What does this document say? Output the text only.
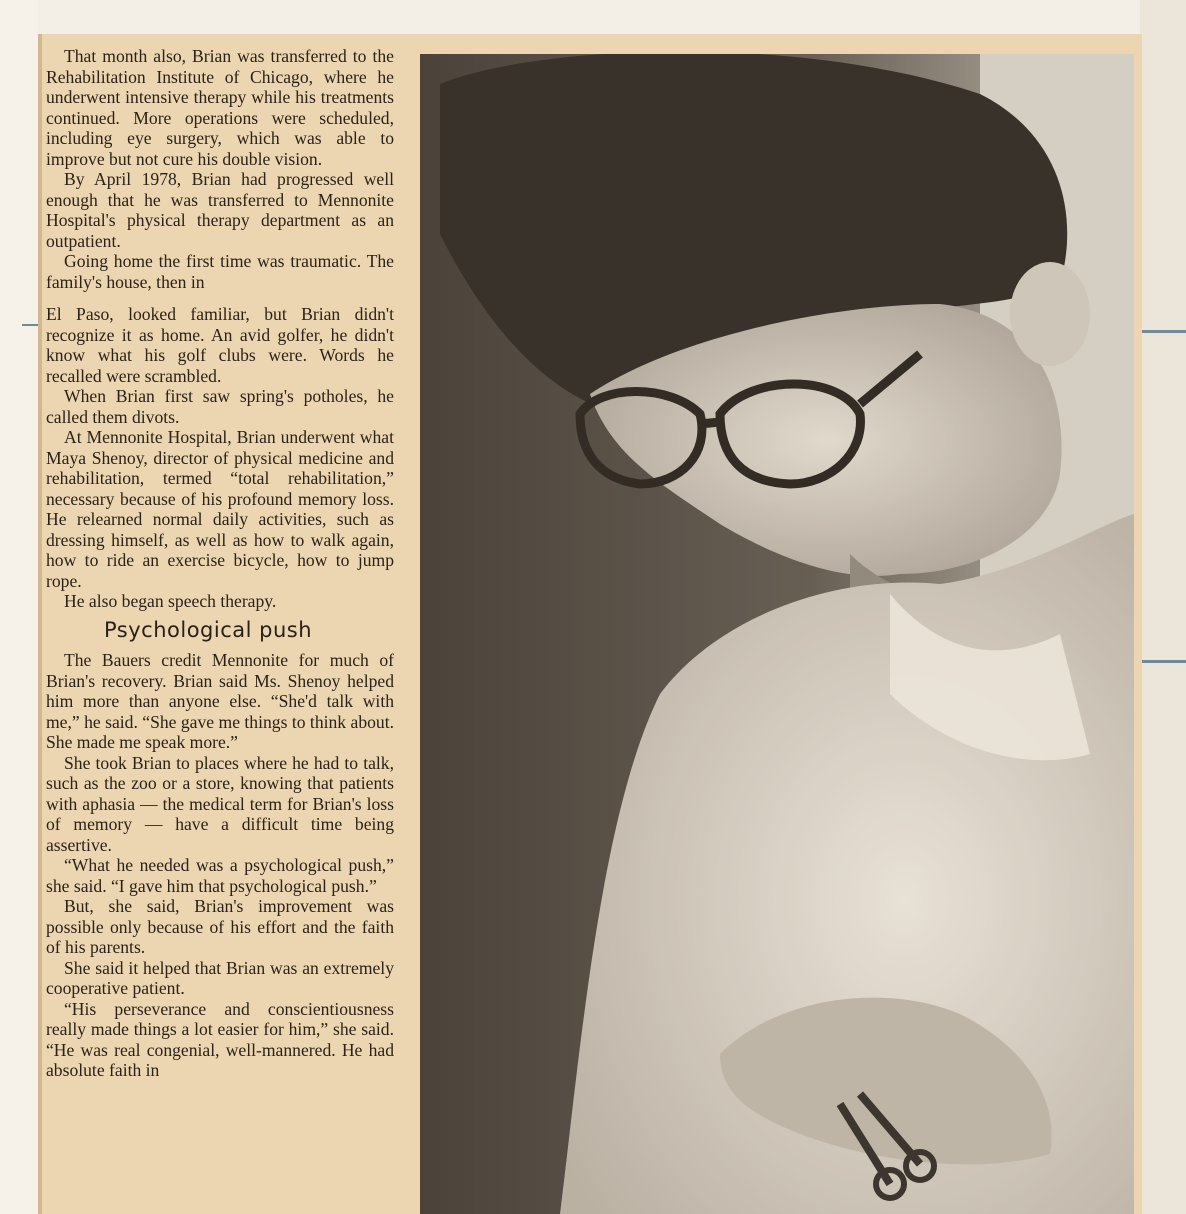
That month also, Brian was transferred to the Rehabilitation Institute of Chicago, where he underwent intensive therapy while his treatments continued. More operations were scheduled, including eye surgery, which was able to improve but not cure his double vision.

By April 1978, Brian had progressed well enough that he was transferred to Mennonite Hospital's physical therapy department as an outpatient.

Going home the first time was traumatic. The family's house, then in

El Paso, looked familiar, but Brian didn't recognize it as home. An avid golfer, he didn't know what his golf clubs were. Words he recalled were scrambled.

When Brian first saw spring's potholes, he called them divots.

At Mennonite Hospital, Brian underwent what Maya Shenoy, director of physical medicine and rehabilitation, termed “total rehabilitation,” necessary because of his profound memory loss. He relearned normal daily activities, such as dressing himself, as well as how to walk again, how to ride an exercise bicycle, how to jump rope.

He also began speech therapy.

Psychological push

The Bauers credit Mennonite for much of Brian's recovery. Brian said Ms. Shenoy helped him more than anyone else. “She'd talk with me,” he said. “She gave me things to think about. She made me speak more.”

She took Brian to places where he had to talk, such as the zoo or a store, knowing that patients with aphasia — the medical term for Brian's loss of memory — have a difficult time being assertive.

“What he needed was a psychological push,” she said. “I gave him that psychological push.”

But, she said, Brian's improvement was possible only because of his effort and the faith of his parents.

She said it helped that Brian was an extremely cooperative patient.

“His perseverance and conscientiousness really made things a lot easier for him,” she said. “He was real congenial, well-mannered. He had absolute faith in
